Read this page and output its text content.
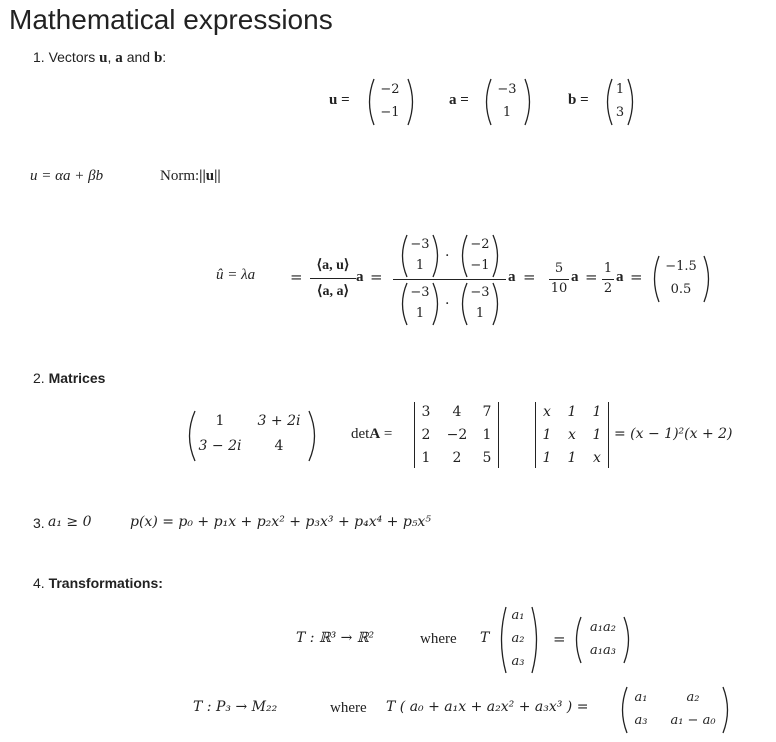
Mathematical expressions
1. Vectors u, a and b:
u =
−2
−1
a =
−3
1
b =
1
3
u = αa + βb	Norm:||u||
û = λa =
⟨a, u⟩
⟨a, a⟩
a =
−3
1
·
−2
−1
−3
1
·
−3
1
a =	5
10
a = 1
2
a =
−1.5
0.5
2. Matrices
1	3 + 2i
3 − 2i	4
detA =
3	4	7
2	−2	1
1	2	5
x	1	1
1	x	1
1	1	x
= (x − 1)²(x + 2)
3. a₁ ≥ 0	p(x) = p₀ + p₁x + p₂x² + p₃x³ + p₄x⁴ + p₅x⁵
4. Transformations:
T : ℝ³ → ℝ²	where T
a₁
a₂
a₃
=
a₁a₂
a₁a₃
T : P₃ → M₂₂	where T ( a₀ + a₁x + a₂x² + a₃x³ ) =
a₁	a₂
a₃	a₁ − a₀
